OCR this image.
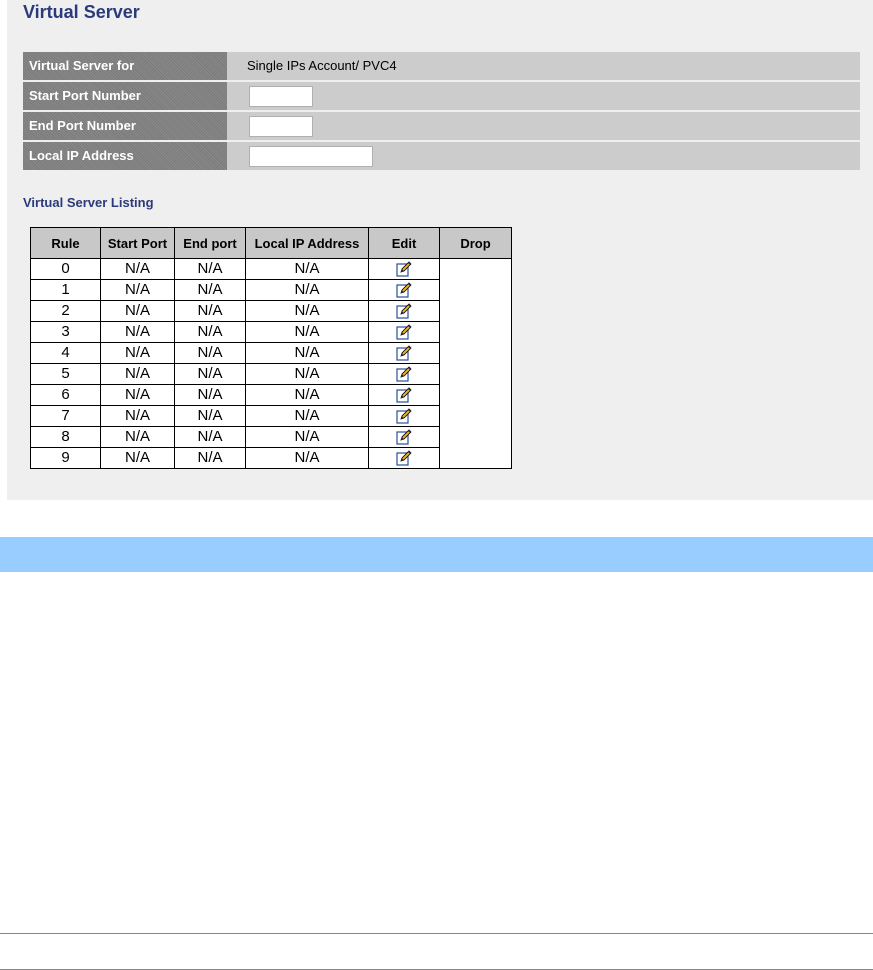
Virtual Server
Virtual Server for	Single IPs Account/ PVC4
Start Port Number
End Port Number
Local IP Address
Virtual Server Listing
Rule	Start Port	End port	Local IP Address	Edit	Drop
0	N/A	N/A	N/A		
1	N/A	N/A	N/A	
2	N/A	N/A	N/A	
3	N/A	N/A	N/A	
4	N/A	N/A	N/A	
5	N/A	N/A	N/A	
6	N/A	N/A	N/A	
7	N/A	N/A	N/A	
8	N/A	N/A	N/A	
9	N/A	N/A	N/A	
